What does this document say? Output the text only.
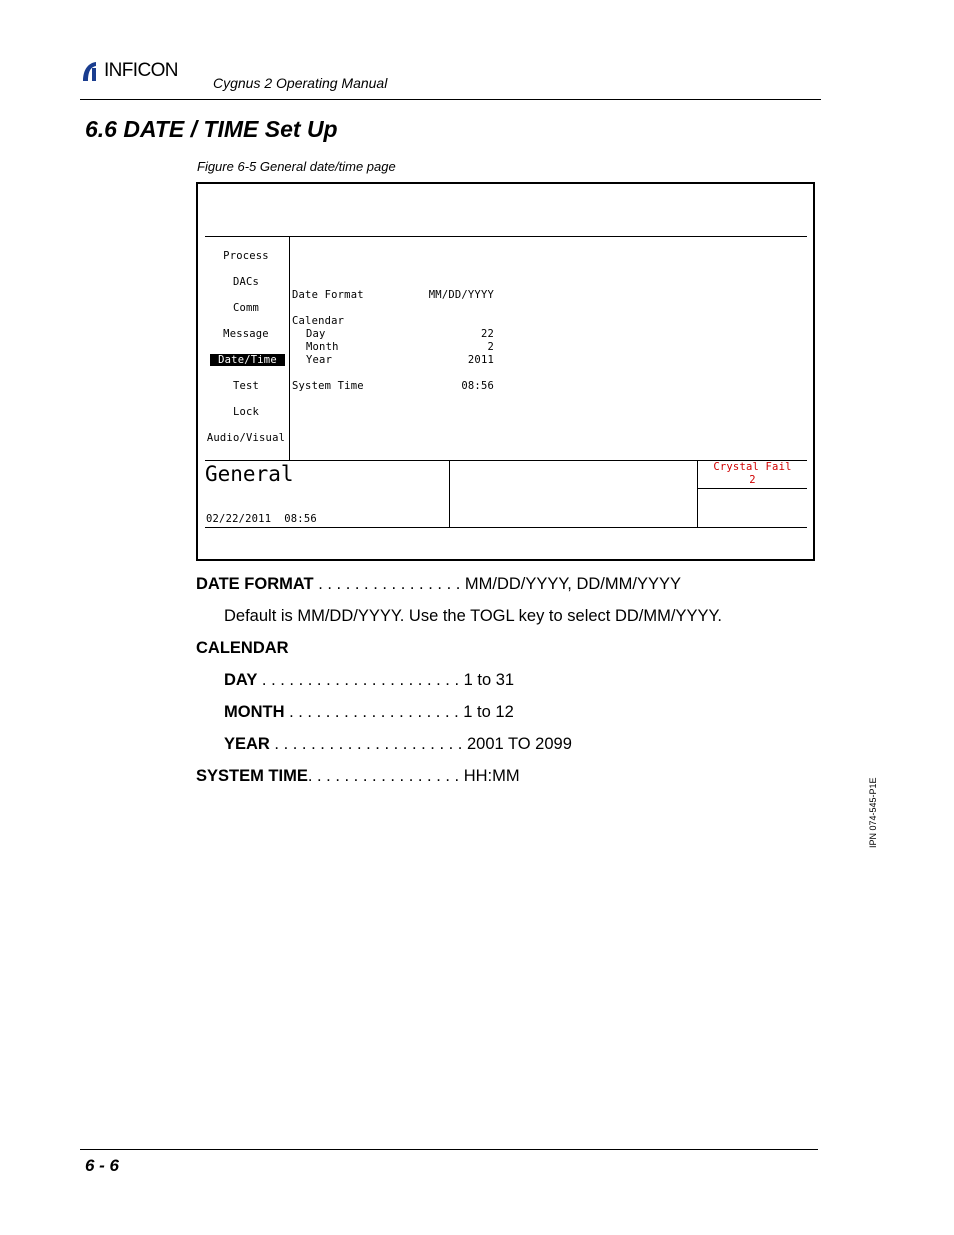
INFICON
Cygnus 2 Operating Manual
6.6 DATE / TIME Set Up
Figure 6-5 General date/time page
Process
DACs
Comm
Message
Date/Time
Test
Lock
Audio/Visual
Date Format	MM/DD/YYYY
Calendar
Day	22
Month	2
Year	2011
System Time	08:56
General
02/22/2011  08:56
Crystal Fail
2
DATE FORMAT . . . . . . . . . . . . . . . . MM/DD/YYYY, DD/MM/YYYY
Default is MM/DD/YYYY. Use the TOGL key to select DD/MM/YYYY.
CALENDAR
DAY . . . . . . . . . . . . . . . . . . . . . . 1 to 31
MONTH . . . . . . . . . . . . . . . . . . . 1 to 12
YEAR . . . . . . . . . . . . . . . . . . . . . 2001 TO 2099
SYSTEM TIME. . . . . . . . . . . . . . . . . HH:MM
IPN 074-545-P1E
6 - 6
